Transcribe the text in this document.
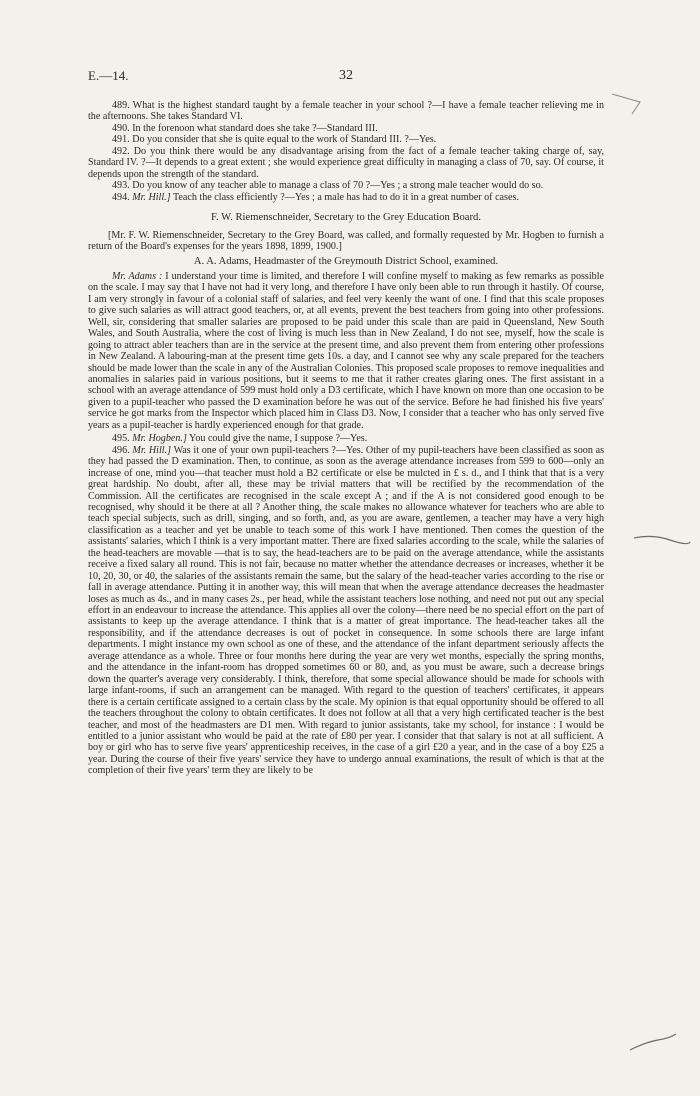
E.—14.	32

489. What is the highest standard taught by a female teacher in your school ?—I have a female teacher relieving me in the afternoons. She takes Standard VI.

490. In the forenoon what standard does she take ?—Standard III.

491. Do you consider that she is quite equal to the work of Standard III. ?—Yes.

492. Do you think there would be any disadvantage arising from the fact of a female teacher taking charge of, say, Standard IV. ?—It depends to a great extent ; she would experience great difficulty in managing a class of 70, say. Of course, it depends upon the strength of the standard.

493. Do you know of any teacher able to manage a class of 70 ?—Yes ; a strong male teacher would do so.

494. Mr. Hill.] Teach the class efficiently ?—Yes ; a male has had to do it in a great number of cases.

F. W. Riemenschneider, Secretary to the Grey Education Board.

[Mr. F. W. Riemenschneider, Secretary to the Grey Board, was called, and formally requested by Mr. Hogben to furnish a return of the Board's expenses for the years 1898, 1899, 1900.]

A. A. Adams, Headmaster of the Greymouth District School, examined.

Mr. Adams : I understand your time is limited, and therefore I will confine myself to making as few remarks as possible on the scale. I may say that I have not had it very long, and therefore I have only been able to run through it hastily. Of course, I am very strongly in favour of a colonial staff of salaries, and feel very keenly the want of one. I find that this scale proposes to give such salaries as will attract good teachers, or, at all events, prevent the best teachers from going into other professions. Well, sir, considering that smaller salaries are proposed to be paid under this scale than are paid in Queensland, New South Wales, and South Australia, where the cost of living is much less than in New Zealand, I do not see, myself, how the scale is going to attract abler teachers than are in the service at the present time, and also prevent them from entering other professions in New Zealand. A labouring-man at the present time gets 10s. a day, and I cannot see why any scale prepared for the teachers should be made lower than the scale in any of the Australian Colonies. This proposed scale proposes to remove inequalities and anomalies in salaries paid in various positions, but it seems to me that it rather creates glaring ones. The first assistant in a school with an average attendance of 599 must hold only a D3 certificate, which I have known on more than one occasion to be given to a pupil-teacher who passed the D examination before he was out of the service. Before he had finished his five years' service he got marks from the Inspector which placed him in Class D3. Now, I consider that a teacher who has only served five years as a pupil-teacher is hardly experienced enough for that grade.

495. Mr. Hogben.] You could give the name, I suppose ?—Yes.

496. Mr. Hill.] Was it one of your own pupil-teachers ?—Yes. Other of my pupil-teachers have been classified as soon as they had passed the D examination. Then, to continue, as soon as the average attendance increases from 599 to 600—only an increase of one, mind you—that teacher must hold a B2 certificate or else be mulcted in £ s. d., and I think that that is a very great hardship. No doubt, after all, these may be trivial matters that will be rectified by the recommendation of the Commission. All the certificates are recognised in the scale except A ; and if the A is not considered good enough to be recognised, why should it be there at all ? Another thing, the scale makes no allowance whatever for teachers who are able to teach special subjects, such as drill, singing, and so forth, and, as you are aware, gentlemen, a teacher may have a very high classification as a teacher and yet be unable to teach some of this work I have mentioned. Then comes the question of the assistants' salaries, which I think is a very important matter. There are fixed salaries according to the scale, while the salaries of the head-teachers are movable —that is to say, the head-teachers are to be paid on the average attendance, while the assistants receive a fixed salary all round. This is not fair, because no matter whether the attendance decreases or increases, whether it be 10, 20, 30, or 40, the salaries of the assistants remain the same, but the salary of the head-teacher varies according to the rise or fall in average attendance. Putting it in another way, this will mean that when the average attendance decreases the headmaster loses as much as 4s., and in many cases 2s., per head, while the assistant teachers lose nothing, and need not put out any special effort in an endeavour to increase the attendance. This applies all over the colony—there need be no special effort on the part of assistants to keep up the average attendance. I think that is a matter of great importance. The head-teacher takes all the responsibility, and if the attendance decreases is out of pocket in consequence. In some schools there are large infant departments. I might instance my own school as one of these, and the attendance of the infant department seriously affects the average attendance as a whole. Three or four months here during the year are very wet months, especially the spring months, and the attendance in the infant-room has dropped sometimes 60 or 80, and, as you must be aware, such a decrease brings down the quarter's average very considerably. I think, therefore, that some special allowance should be made for schools with large infant-rooms, if such an arrangement can be managed. With regard to the question of teachers' certificates, it appears there is a certain certificate assigned to a certain class by the scale. My opinion is that equal opportunity should be offered to all the teachers throughout the colony to obtain certificates. It does not follow at all that a very high certificated teacher is the best teacher, and most of the headmasters are D1 men. With regard to junior assistants, take my school, for instance : I would be entitled to a junior assistant who would be paid at the rate of £80 per year. I consider that that salary is not at all sufficient. A boy or girl who has to serve five years' apprenticeship receives, in the case of a girl £20 a year, and in the case of a boy £25 a year. During the course of their five years' service they have to undergo annual examinations, the result of which is that at the completion of their five years' term they are likely to be
